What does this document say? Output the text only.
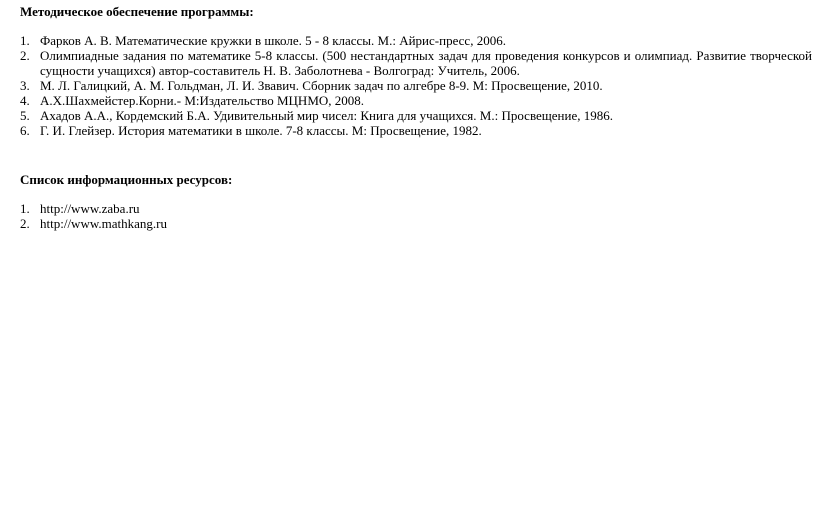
Методическое обеспечение программы:
1. Фарков А. В. Математические кружки в школе. 5 - 8 классы. М.: Айрис-пресс, 2006.
2. Олимпиадные задания по математике 5-8 классы. (500 нестандартных задач для проведения конкурсов и олимпиад. Развитие творческой сущности учащихся) автор-составитель Н. В. Заболотнева - Волгоград: Учитель, 2006.
3. М. Л. Галицкий, А. М. Гольдман, Л. И. Звавич. Сборник задач по алгебре 8-9. М: Просвещение, 2010.
4. А.Х.Шахмейстер.Корни.- М:Издательство МЦНМО, 2008.
5. Ахадов А.А., Кордемский Б.А. Удивительный мир чисел: Книга для учащихся. М.: Просвещение, 1986.
6. Г. И. Глейзер. История математики в школе. 7-8 классы. М: Просвещение, 1982.
Список информационных ресурсов:
1. http://www.zaba.ru
2. http://www.mathkang.ru
